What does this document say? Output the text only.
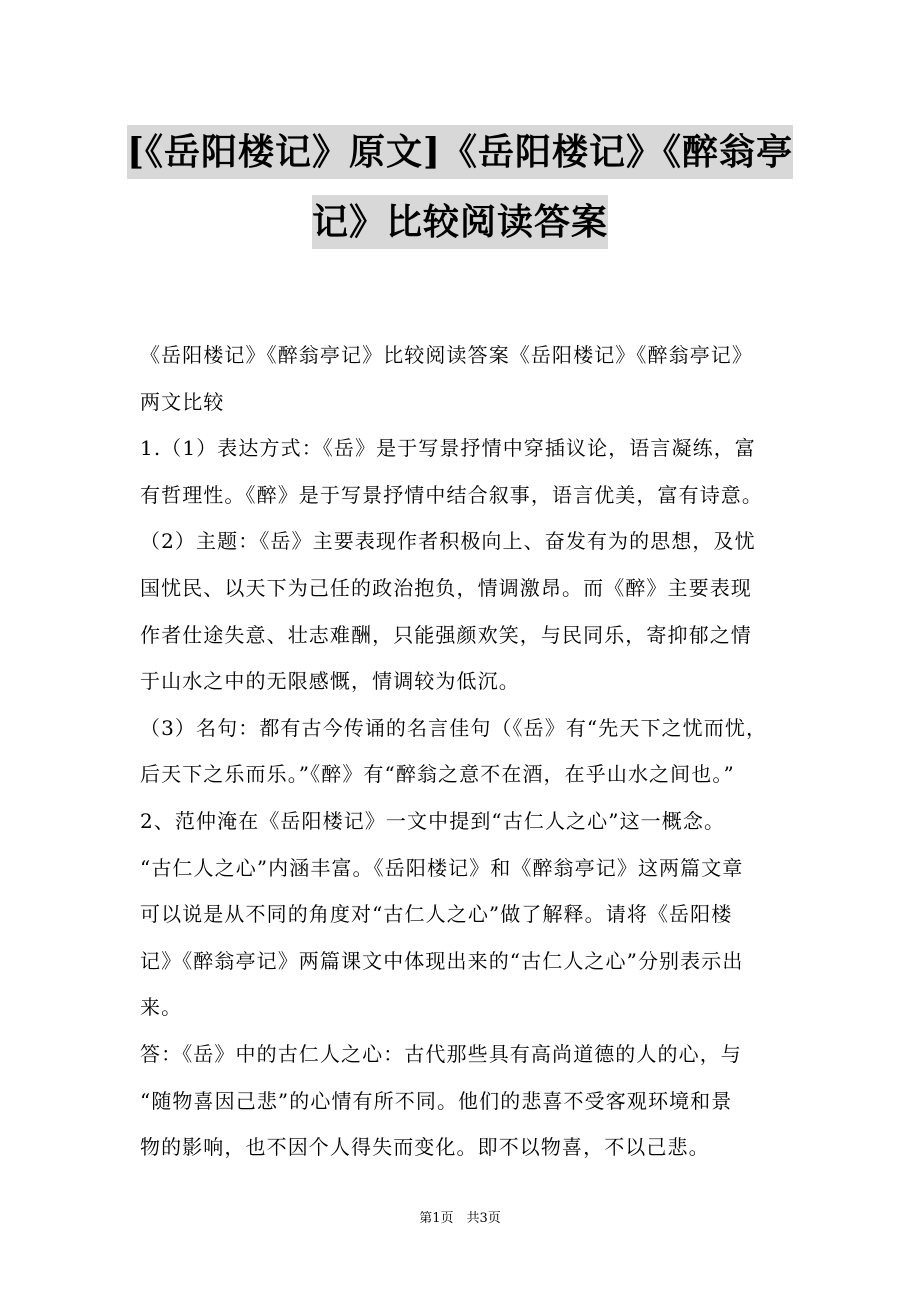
[《岳阳楼记》原文]《岳阳楼记》《醉翁亭
记》比较阅读答案
《岳阳楼记》《醉翁亭记》比较阅读答案《岳阳楼记》《醉翁亭记》
两文比较
1.（1）表达方式：《岳》是于写景抒情中穿插议论，语言凝练，富
有哲理性。《醉》是于写景抒情中结合叙事，语言优美，富有诗意。
（2）主题：《岳》主要表现作者积极向上、奋发有为的思想，及忧
国忧民、以天下为己任的政治抱负，情调激昂。而《醉》主要表现
作者仕途失意、壮志难酬，只能强颜欢笑，与民同乐，寄抑郁之情
于山水之中的无限感慨，情调较为低沉。
（3）名句：都有古今传诵的名言佳句（《岳》有“先天下之忧而忧，
后天下之乐而乐。”《醉》有“醉翁之意不在酒，在乎山水之间也。”
2、范仲淹在《岳阳楼记》一文中提到“古仁人之心”这一概念。
“古仁人之心”内涵丰富。《岳阳楼记》和《醉翁亭记》这两篇文章
可以说是从不同的角度对“古仁人之心”做了解释。请将《岳阳楼
记》《醉翁亭记》两篇课文中体现出来的“古仁人之心”分别表示出
来。
答：《岳》中的古仁人之心：古代那些具有高尚道德的人的心，与
“随物喜因己悲”的心情有所不同。他们的悲喜不受客观环境和景
物的影响，也不因个人得失而变化。即不以物喜，不以己悲。
第1页　共3页
